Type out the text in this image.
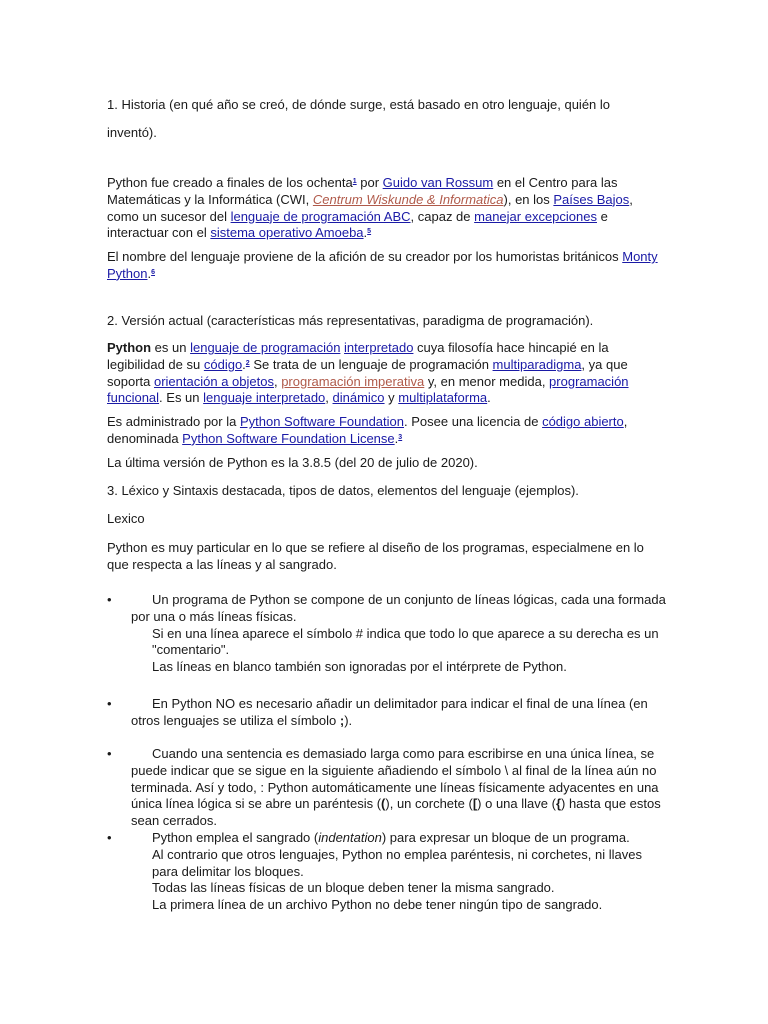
1. Historia (en qué año se creó, de dónde surge, está basado en otro lenguaje, quién lo
inventó).

Python fue creado a finales de los ochenta$^1$ por Guido van Rossum en el Centro para las Matemáticas y la Informática (CWI, Centrum Wiskunde & Informatica), en los Países Bajos, como un sucesor del lenguaje de programación ABC, capaz de manejar excepciones e interactuar con el sistema operativo Amoeba.$^5$

El nombre del lenguaje proviene de la afición de su creador por los humoristas británicos Monty Python.$^6$

2. Versión actual (características más representativas, paradigma de programación).

Python es un lenguaje de programación interpretado cuya filosofía hace hincapié en la legibilidad de su código.$^2$ Se trata de un lenguaje de programación multiparadigma, ya que soporta orientación a objetos, programación imperativa y, en menor medida, programación funcional. Es un lenguaje interpretado, dinámico y multiplataforma.

Es administrado por la Python Software Foundation. Posee una licencia de código abierto, denominada Python Software Foundation License.$^3$

La última versión de Python es la 3.8.5 (del 20 de julio de 2020).

3. Léxico y Sintaxis destacada, tipos de datos, elementos del lenguaje (ejemplos).

Lexico

Python es muy particular en lo que se refiere al diseño de los programas, especialmene en lo que respecta a las líneas y al sangrado.

•	Un programa de Python se compone de un conjunto de líneas lógicas, cada una formada por una o más líneas físicas.
Si en una línea aparece el símbolo # indica que todo lo que aparece a su derecha es un "comentario".
Las líneas en blanco también son ignoradas por el intérprete de Python.
•	En Python NO es necesario añadir un delimitador para indicar el final de una línea (en otros lenguajes se utiliza el símbolo ;).
•	Cuando una sentencia es demasiado larga como para escribirse en una única línea, se puede indicar que se sigue en la siguiente añadiendo el símbolo \ al final de la línea aún no terminada. Así y todo, : Python automáticamente une líneas físicamente adyacentes en una única línea lógica si se abre un paréntesis ((), un corchete ([) o una llave ({) hasta que estos sean cerrados.
•	Python emplea el sangrado (indentation) para expresar un bloque de un programa.
Al contrario que otros lenguajes, Python no emplea paréntesis, ni corchetes, ni llaves para delimitar los bloques.
Todas las líneas físicas de un bloque deben tener la misma sangrado.
La primera línea de un archivo Python no debe tener ningún tipo de sangrado.
